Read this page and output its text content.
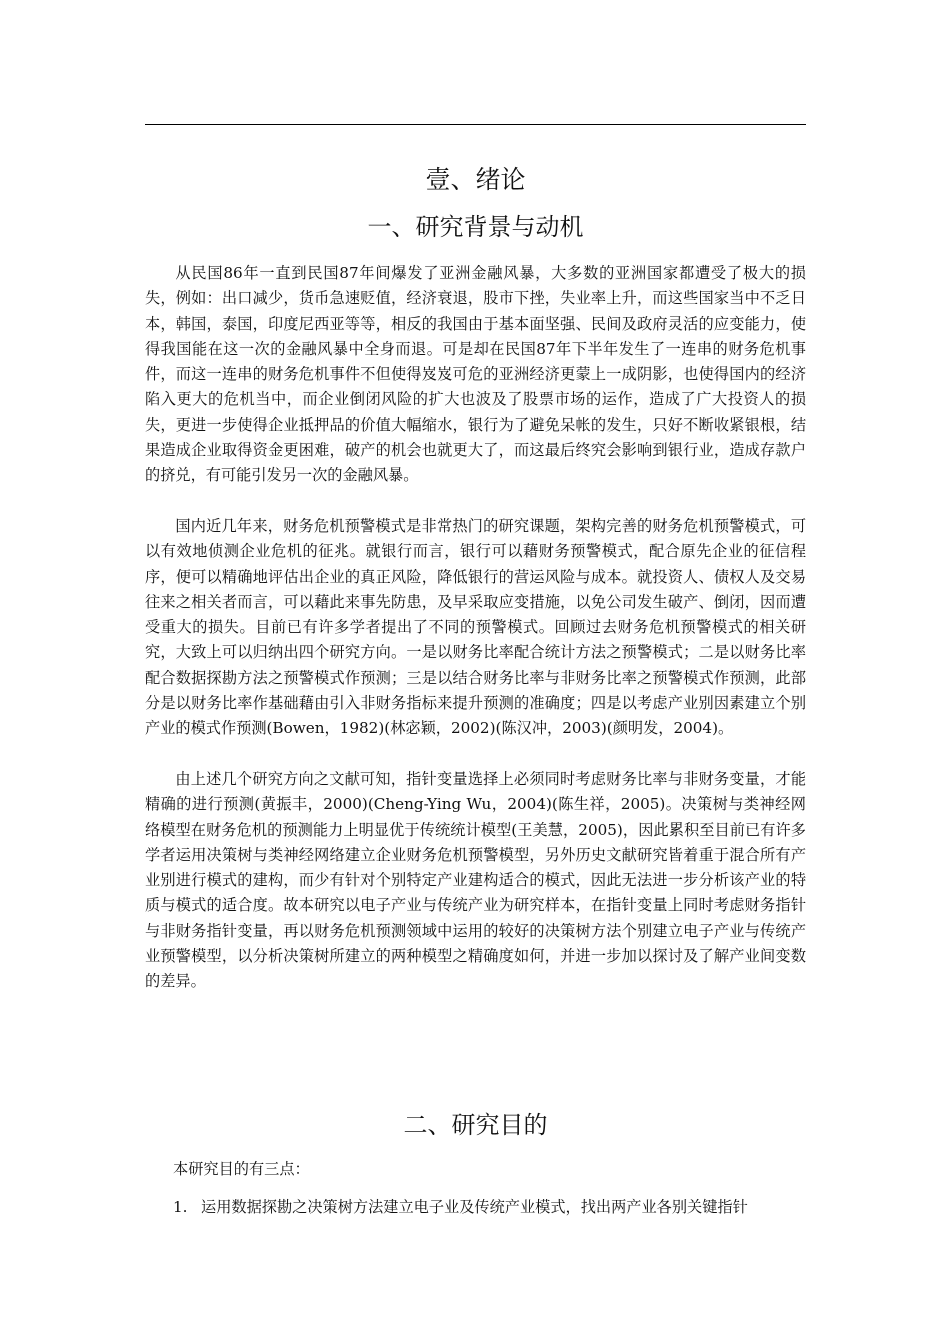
壹、绪论
一、研究背景与动机

从民国86年一直到民国87年间爆发了亚洲金融风暴，大多数的亚洲国家都遭受了极大的损失，例如：出口减少，货币急速贬值，经济衰退，股市下挫，失业率上升，而这些国家当中不乏日本，韩国，泰国，印度尼西亚等等，相反的我国由于基本面坚强、民间及政府灵活的应变能力，使得我国能在这一次的金融风暴中全身而退。可是却在民国87年下半年发生了一连串的财务危机事件，而这一连串的财务危机事件不但使得岌岌可危的亚洲经济更蒙上一成阴影，也使得国内的经济陷入更大的危机当中，而企业倒闭风险的扩大也波及了股票市场的运作，造成了广大投资人的损失，更进一步使得企业抵押品的价值大幅缩水，银行为了避免呆帐的发生，只好不断收紧银根，结果造成企业取得资金更困难，破产的机会也就更大了，而这最后终究会影响到银行业，造成存款户的挤兑，有可能引发另一次的金融风暴。

国内近几年来，财务危机预警模式是非常热门的研究课题，架构完善的财务危机预警模式，可以有效地侦测企业危机的征兆。就银行而言，银行可以藉财务预警模式，配合原先企业的征信程序，便可以精确地评估出企业的真正风险，降低银行的营运风险与成本。就投资人、债权人及交易往来之相关者而言，可以藉此来事先防患，及早采取应变措施，以免公司发生破产、倒闭，因而遭受重大的损失。目前已有许多学者提出了不同的预警模式。回顾过去财务危机预警模式的相关研究，大致上可以归纳出四个研究方向。一是以财务比率配合统计方法之预警模式；二是以财务比率配合数据探勘方法之预警模式作预测；三是以结合财务比率与非财务比率之预警模式作预测，此部分是以财务比率作基础藉由引入非财务指标来提升预测的准确度；四是以考虑产业别因素建立个别产业的模式作预测(Bowen，1982)(林宓颖，2002)(陈汉冲，2003)(颜明发，2004)。

由上述几个研究方向之文献可知，指针变量选择上必须同时考虑财务比率与非财务变量，才能精确的进行预测(黄振丰，2000)(Cheng-Ying Wu，2004)(陈生祥，2005)。决策树与类神经网络模型在财务危机的预测能力上明显优于传统统计模型(王美慧，2005)，因此累积至目前已有许多学者运用决策树与类神经网络建立企业财务危机预警模型，另外历史文献研究皆着重于混合所有产业别进行模式的建构，而少有针对个别特定产业建构适合的模式，因此无法进一步分析该产业的特质与模式的适合度。故本研究以电子产业与传统产业为研究样本，在指针变量上同时考虑财务指针与非财务指针变量，再以财务危机预测领域中运用的较好的决策树方法个别建立电子产业与传统产业预警模型，以分析决策树所建立的两种模型之精确度如何，并进一步加以探讨及了解产业间变数的差异。

二、研究目的

本研究目的有三点：

1. 运用数据探勘之决策树方法建立电子业及传统产业模式，找出两产业各别关键指针
